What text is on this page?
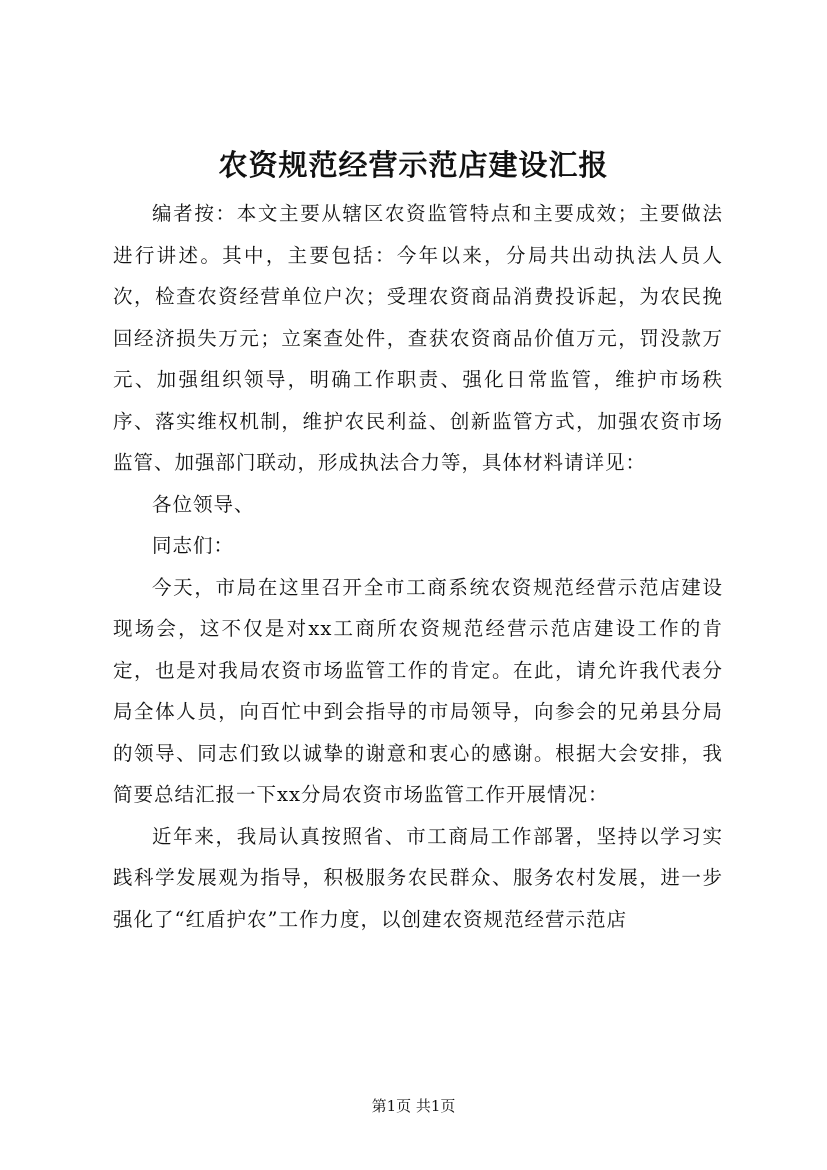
农资规范经营示范店建设汇报

编者按：本文主要从辖区农资监管特点和主要成效；主要做法进行讲述。其中，主要包括：今年以来，分局共出动执法人员人次，检查农资经营单位户次；受理农资商品消费投诉起，为农民挽回经济损失万元；立案查处件，查获农资商品价值万元，罚没款万元、加强组织领导，明确工作职责、强化日常监管，维护市场秩序、落实维权机制，维护农民利益、创新监管方式，加强农资市场监管、加强部门联动，形成执法合力等，具体材料请详见：

各位领导、

同志们：

今天，市局在这里召开全市工商系统农资规范经营示范店建设现场会，这不仅是对xx工商所农资规范经营示范店建设工作的肯定，也是对我局农资市场监管工作的肯定。在此，请允许我代表分局全体人员，向百忙中到会指导的市局领导，向参会的兄弟县分局的领导、同志们致以诚挚的谢意和衷心的感谢。根据大会安排，我简要总结汇报一下xx分局农资市场监管工作开展情况：

近年来，我局认真按照省、市工商局工作部署，坚持以学习实践科学发展观为指导，积极服务农民群众、服务农村发展，进一步强化了“红盾护农”工作力度，以创建农资规范经营示范店

第1页 共1页
